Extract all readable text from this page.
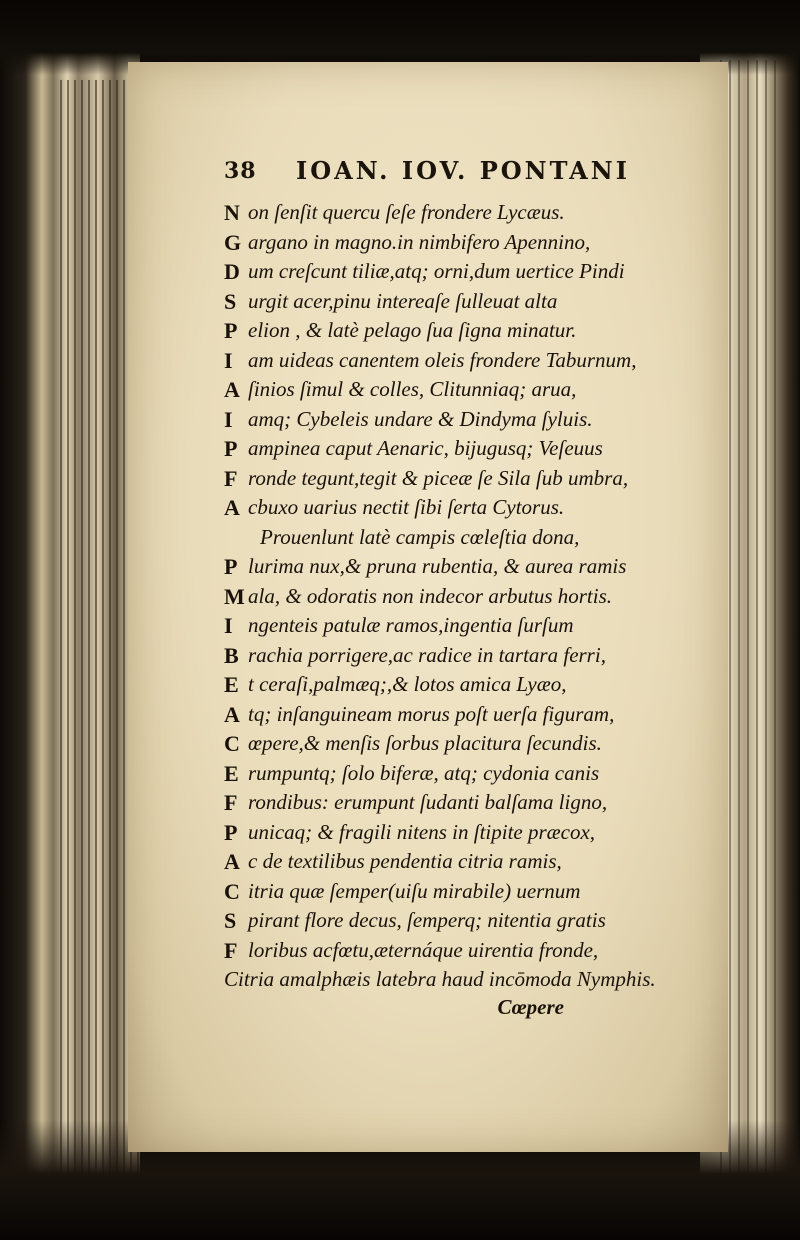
38 IOAN. IOV. PONTANI
N on ſenſit quercu ſeſe frondere Lycæus.
G argano in magno.in nimbifero Apennino,
D um creſcunt tiliæ,atq; orni,dum uertice Pindi
S urgit acer,pinu intereaſe ſulleuat alta
P elion , & latè pelago ſua ſigna minatur.
I am uideas canentem oleis frondere Taburnum,
A ſinios ſimul & colles, Clitunniaq; arua,
I amq; Cybeleis undare & Dindyma ſyluis.
P ampinea caput Aenaric, bijugusq; Veſeuus
F ronde tegunt,tegit & piceæ ſe Sila ſub umbra,
A cbuxo uarius nectit ſibi ſerta Cytorus.
Prouenlunt latè campis cœleſtia dona,
P lurima nux,& pruna rubentia, & aurea ramis
M ala, & odoratis non indecor arbutus hortis.
I ngenteis patulæ ramos,ingentia ſurſum
B rachia porrigere,ac radice in tartara ferri,
E t ceraſi,palmæq;,& lotos amica Lyæo,
A tq; inſanguineam morus poſt uerſa figuram,
C œpere,& menſis ſorbus placitura ſecundis.
E rumpuntq; ſolo biferæ, atq; cydonia canis
F rondibus: erumpunt ſudanti balſama ligno,
P unicaq; & fragili nitens in ſtipite præcox,
A c de textilibus pendentia citria ramis,
C itria quæ ſemper(uiſu mirabile) uernum
S pirant flore decus, ſemperq; nitentia gratis
F loribus acfœtu,æternáque uirentia fronde,
Citria amalphæis latebra haud incōmoda Nymphis.
Cœpere
